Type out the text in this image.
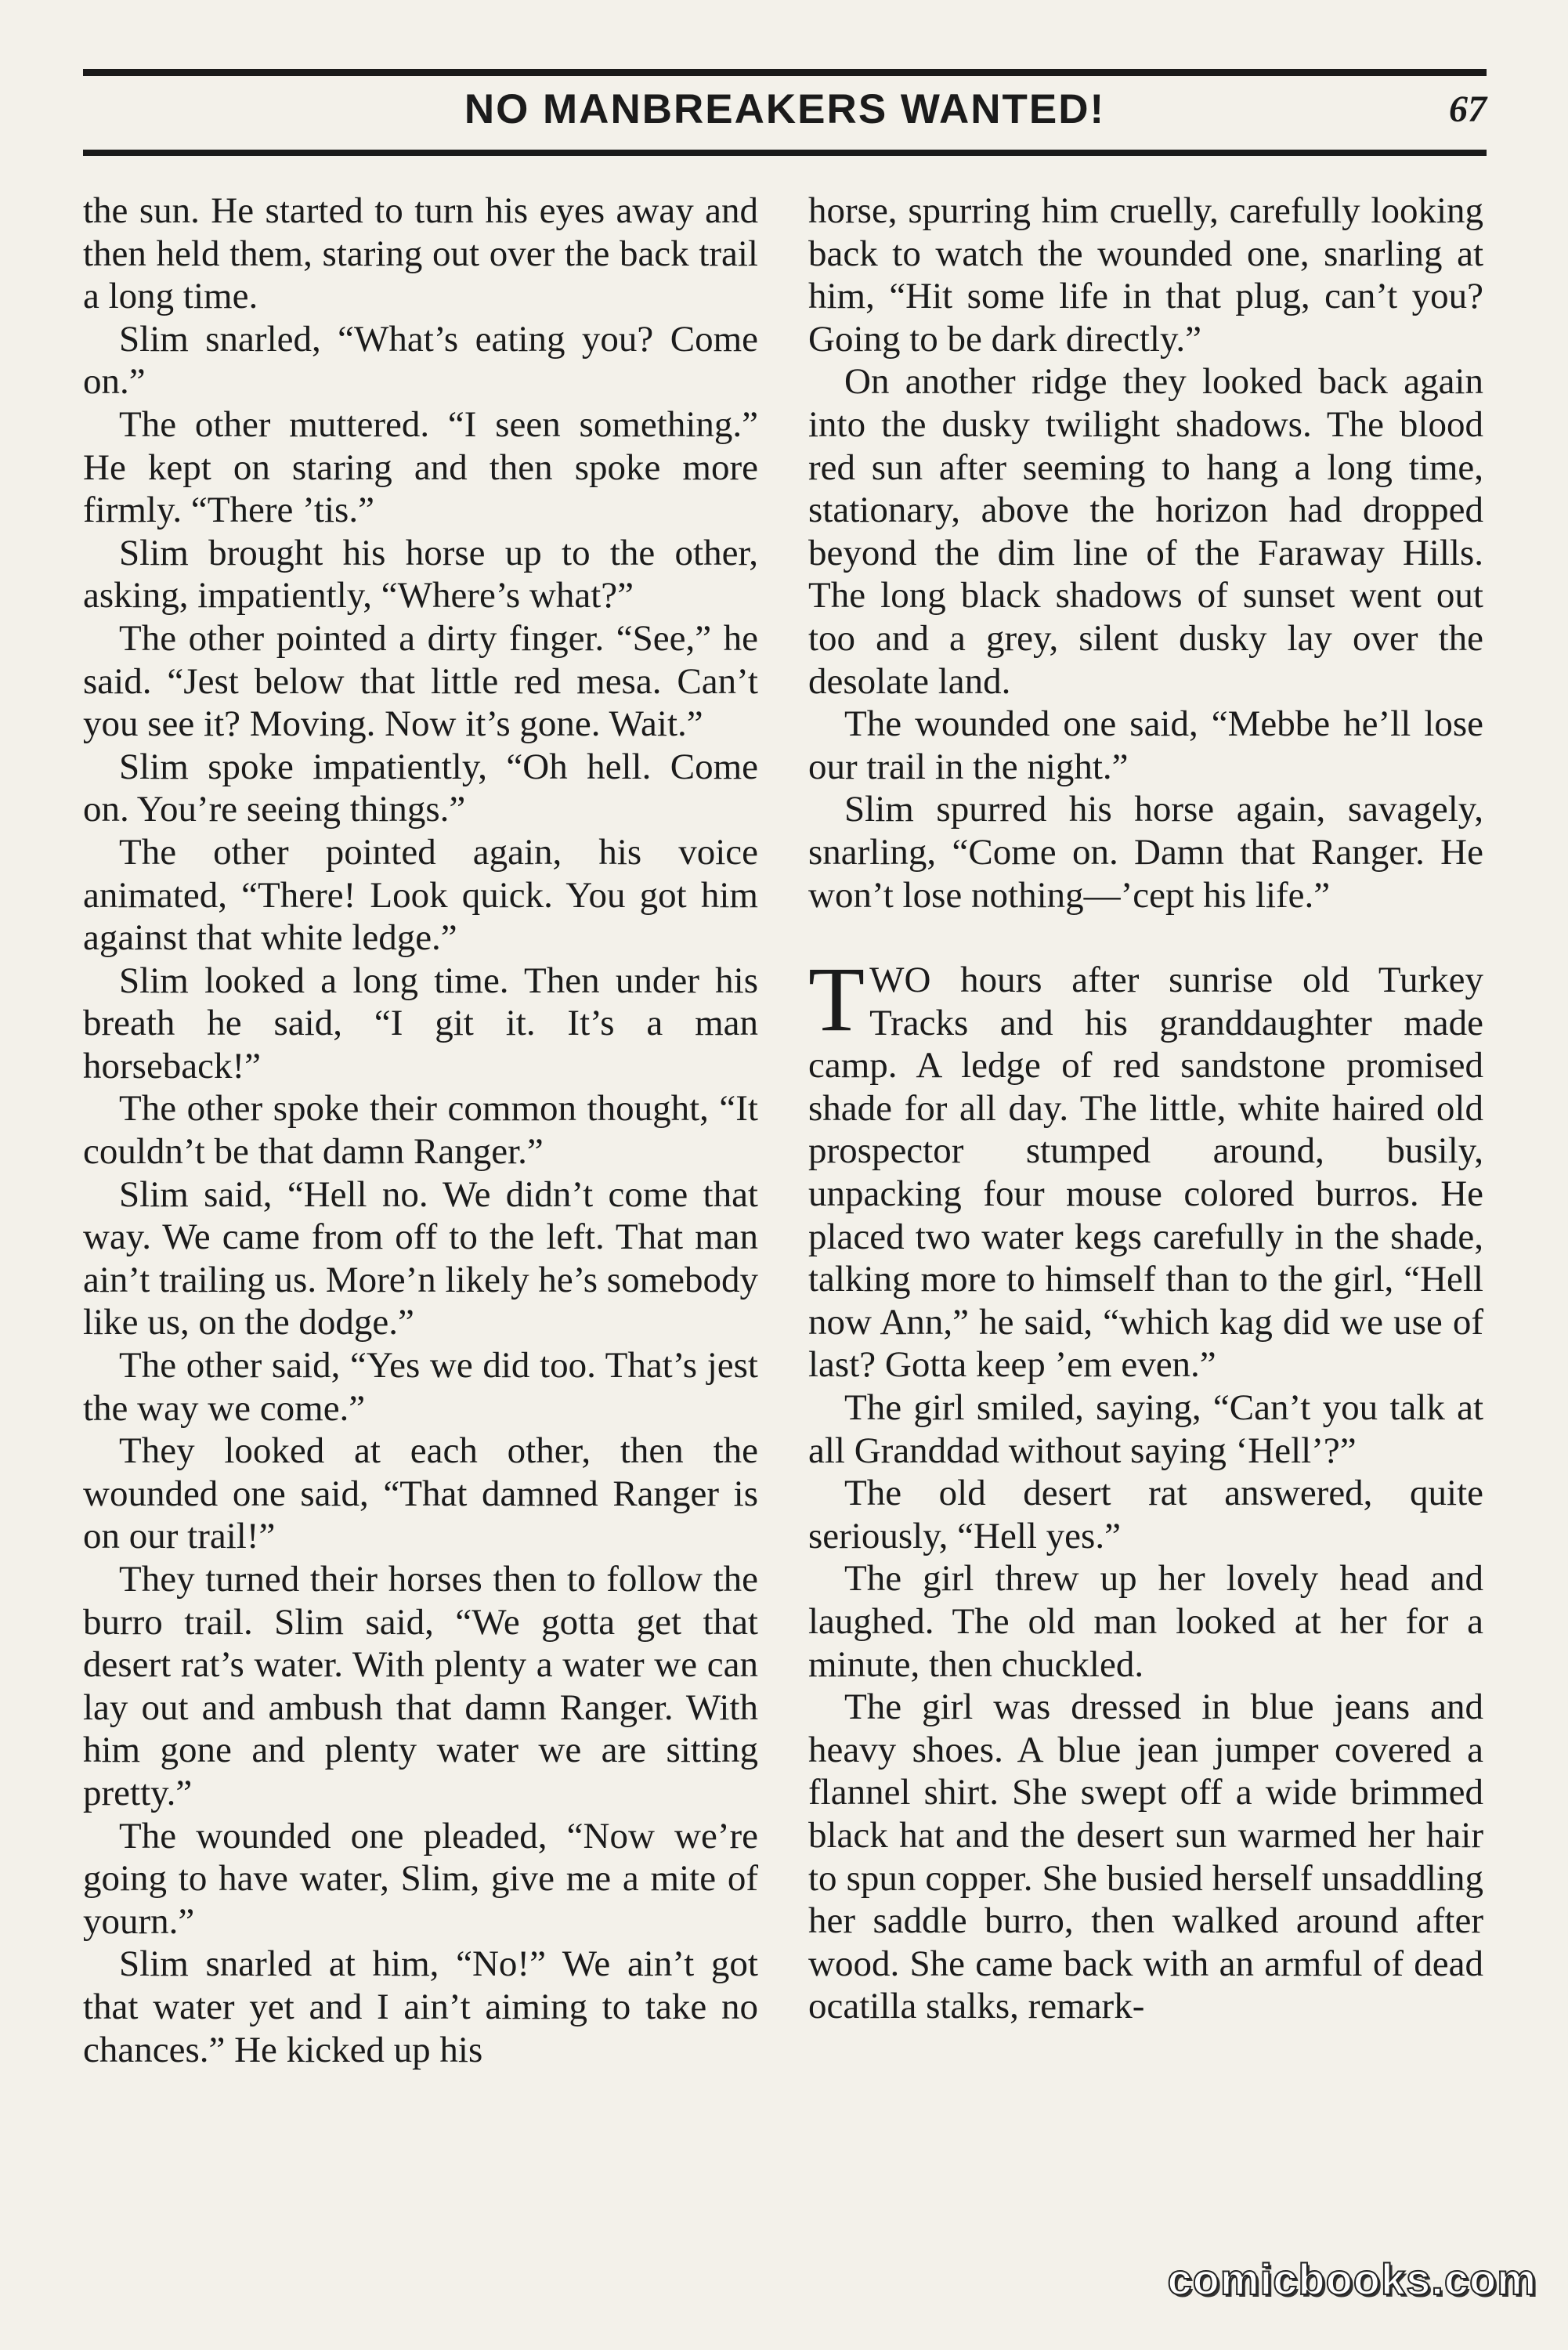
NO MANBREAKERS WANTED!	67

the sun. He started to turn his eyes away and then held them, staring out over the back trail a long time.

Slim snarled, “What’s eating you? Come on.”

The other muttered. “I seen something.” He kept on staring and then spoke more firmly. “There ’tis.”

Slim brought his horse up to the other, asking, impatiently, “Where’s what?”

The other pointed a dirty finger. “See,” he said. “Jest below that little red mesa. Can’t you see it? Moving. Now it’s gone. Wait.”

Slim spoke impatiently, “Oh hell. Come on. You’re seeing things.”

The other pointed again, his voice animated, “There! Look quick. You got him against that white ledge.”

Slim looked a long time. Then under his breath he said, “I git it. It’s a man horseback!”

The other spoke their common thought, “It couldn’t be that damn Ranger.”

Slim said, “Hell no. We didn’t come that way. We came from off to the left. That man ain’t trailing us. More’n likely he’s somebody like us, on the dodge.”

The other said, “Yes we did too. That’s jest the way we come.”

They looked at each other, then the wounded one said, “That damned Ranger is on our trail!”

They turned their horses then to follow the burro trail. Slim said, “We gotta get that desert rat’s water. With plenty a water we can lay out and ambush that damn Ranger. With him gone and plenty water we are sitting pretty.”

The wounded one pleaded, “Now we’re going to have water, Slim, give me a mite of yourn.”

Slim snarled at him, “No!” We ain’t got that water yet and I ain’t aiming to take no chances.” He kicked up his

horse, spurring him cruelly, carefully looking back to watch the wounded one, snarling at him, “Hit some life in that plug, can’t you? Going to be dark directly.”

On another ridge they looked back again into the dusky twilight shadows. The blood red sun after seeming to hang a long time, stationary, above the horizon had dropped beyond the dim line of the Faraway Hills. The long black shadows of sunset went out too and a grey, silent dusky lay over the desolate land.

The wounded one said, “Mebbe he’ll lose our trail in the night.”

Slim spurred his horse again, savagely, snarling, “Come on. Damn that Ranger. He won’t lose nothing—’cept his life.”

TWO hours after sunrise old Turkey Tracks and his granddaughter made camp. A ledge of red sandstone promised shade for all day. The little, white haired old prospector stumped around, busily, unpacking four mouse colored burros. He placed two water kegs carefully in the shade, talking more to himself than to the girl, “Hell now Ann,” he said, “which kag did we use of last? Gotta keep ’em even.”

The girl smiled, saying, “Can’t you talk at all Granddad without saying ‘Hell’?”

The old desert rat answered, quite seriously, “Hell yes.”

The girl threw up her lovely head and laughed. The old man looked at her for a minute, then chuckled.

The girl was dressed in blue jeans and heavy shoes. A blue jean jumper covered a flannel shirt. She swept off a wide brimmed black hat and the desert sun warmed her hair to spun copper. She busied herself unsaddling her saddle burro, then walked around after wood. She came back with an armful of dead ocatilla stalks, remark-

comicbooks.com
